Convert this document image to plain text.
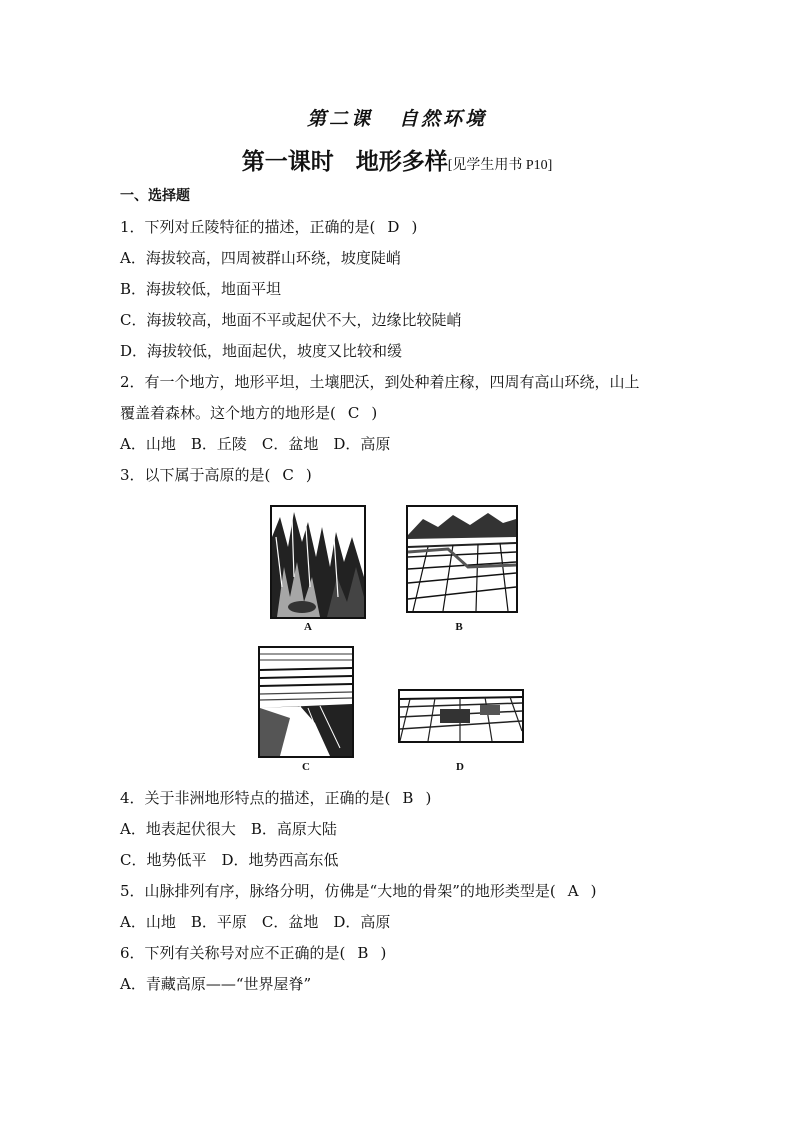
第二课 自然环境
第一课时 地形多样[见学生用书 P10]
一、选择题
1．下列对丘陵特征的描述，正确的是( D )
A．海拔较高，四周被群山环绕，坡度陡峭
B．海拔较低，地面平坦
C．海拔较高，地面不平或起伏不大，边缘比较陡峭
D．海拔较低，地面起伏，坡度又比较和缓
2．有一个地方，地形平坦，土壤肥沃，到处种着庄稼，四周有高山环绕，山上
覆盖着森林。这个地方的地形是( C )
A．山地　B．丘陵　C．盆地　D．高原
3．以下属于高原的是( C )
A	B
C	D
4．关于非洲地形特点的描述，正确的是( B )
A．地表起伏很大　B．高原大陆
C．地势低平　D．地势西高东低
5．山脉排列有序，脉络分明，仿佛是“大地的骨架”的地形类型是( A )
A．山地　B．平原　C．盆地　D．高原
6．下列有关称号对应不正确的是( B )
A．青藏高原——“世界屋脊”
